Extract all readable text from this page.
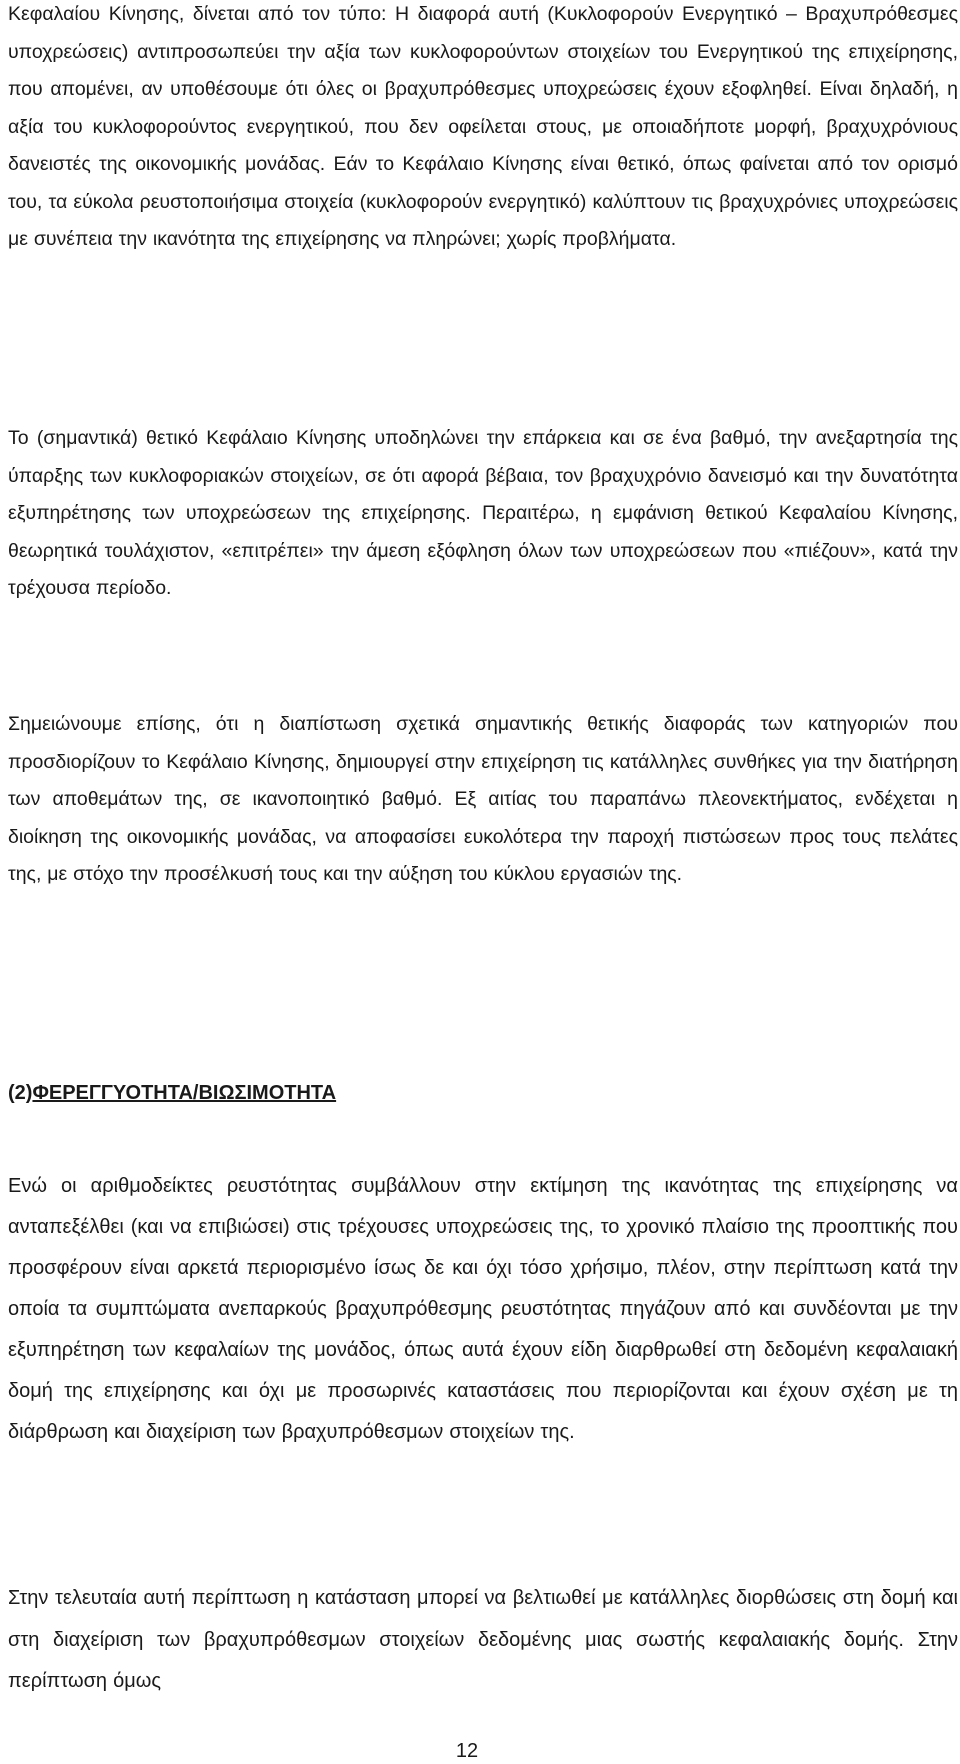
Κεφαλαίου Κίνησης, δίνεται από τον τύπο: Η διαφορά αυτή (Κυκλοφορούν Ενεργητικό – Βραχυπρόθεσμες υποχρεώσεις) αντιπροσωπεύει την αξία των κυκλοφορούντων στοιχείων του Ενεργητικού της επιχείρησης, που απομένει, αν υποθέσουμε ότι όλες οι βραχυπρόθεσμες υποχρεώσεις έχουν εξοφληθεί. Είναι δηλαδή, η αξία του κυκλοφορούντος ενεργητικού, που δεν οφείλεται στους, με οποιαδήποτε μορφή, βραχυχρόνιους δανειστές της οικονομικής μονάδας. Εάν το Κεφάλαιο Κίνησης είναι θετικό, όπως φαίνεται από τον ορισμό του, τα εύκολα ρευστοποιήσιμα στοιχεία (κυκλοφορούν ενεργητικό) καλύπτουν τις βραχυχρόνιες υποχρεώσεις με συνέπεια την ικανότητα της επιχείρησης να πληρώνει; χωρίς προβλήματα.

Το (σημαντικά) θετικό Κεφάλαιο Κίνησης υποδηλώνει την επάρκεια και σε ένα βαθμό, την ανεξαρτησία της ύπαρξης των κυκλοφοριακών στοιχείων, σε ότι αφορά βέβαια, τον βραχυχρόνιο δανεισμό και την δυνατότητα εξυπηρέτησης των υποχρεώσεων της επιχείρησης. Περαιτέρω, η εμφάνιση θετικού Κεφαλαίου Κίνησης, θεωρητικά τουλάχιστον, «επιτρέπει» την άμεση εξόφληση όλων των υποχρεώσεων που «πιέζουν», κατά την τρέχουσα περίοδο.

Σημειώνουμε επίσης, ότι η διαπίστωση σχετικά σημαντικής θετικής διαφοράς των κατηγοριών που προσδιορίζουν το Κεφάλαιο Κίνησης, δημιουργεί στην επιχείρηση τις κατάλληλες συνθήκες για την διατήρηση των αποθεμάτων της, σε ικανοποιητικό βαθμό. Εξ αιτίας του παραπάνω πλεονεκτήματος, ενδέχεται η διοίκηση της οικονομικής μονάδας, να αποφασίσει ευκολότερα την παροχή πιστώσεων προς τους πελάτες της, με στόχο την προσέλκυσή τους και την αύξηση του κύκλου εργασιών της.

(2)ΦΕΡΕΓΓΥΟΤΗΤΑ/ΒΙΩΣΙΜΟΤΗΤΑ

Ενώ οι αριθμοδείκτες ρευστότητας συμβάλλουν στην εκτίμηση της ικανότητας της επιχείρησης να ανταπεξέλθει (και να επιβιώσει) στις τρέχουσες υποχρεώσεις της, το χρονικό πλαίσιο της προοπτικής που προσφέρουν είναι αρκετά περιορισμένο ίσως δε και όχι τόσο χρήσιμο, πλέον, στην περίπτωση κατά την οποία τα συμπτώματα ανεπαρκούς βραχυπρόθεσμης ρευστότητας πηγάζουν από και συνδέονται με την εξυπηρέτηση των κεφαλαίων της μονάδος, όπως αυτά έχουν είδη διαρθρωθεί στη δεδομένη κεφαλαιακή δομή της επιχείρησης και όχι με προσωρινές καταστάσεις που περιορίζονται και έχουν σχέση με τη διάρθρωση και διαχείριση των βραχυπρόθεσμων στοιχείων της.

Στην τελευταία αυτή περίπτωση η κατάσταση μπορεί να βελτιωθεί με κατάλληλες διορθώσεις στη δομή και στη διαχείριση των βραχυπρόθεσμων στοιχείων δεδομένης μιας σωστής κεφαλαιακής δομής. Στην περίπτωση όμως

12
